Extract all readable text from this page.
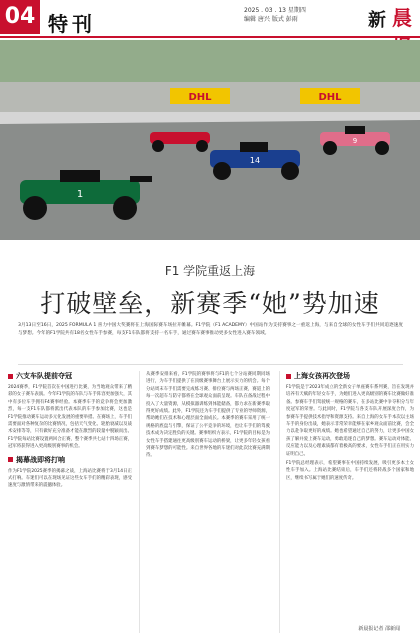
04 特刊
2025 . 03 . 13 星期四
编辑 唐兴 版式 彭雨	新 晨
DHL	DHL
1
14
9
F1 学院重返上海
打破壁垒，新赛季“她”势加速
3月13日至16日，2025 FORMULA 1 喜力中国大奖赛将在上海国际赛车场拉开帷幕。F1学院（F1 ACADEMY）中国站作为支持赛事之一重返上海，与来自全球的女性车手们共同追逐速度与梦想。今年的F1学院共有18名女性车手参赛，每支F1车队都将支持一名车手，通过赛车赛事推动更多女性进入赛车领域。
六支车队提前夺冠
2024赛季，F1学院首次在中国进行比赛，为当地观众带来了精彩的女子赛车表演。今年F1学院的车队与车手阵容更加强大，其中有多位车手拥有F4赛事经验。本赛季车手的竞争将会更加激烈，每一支F1车队都将派出代表本队的车手参加比赛，这也是F1学院推动赛车运动多元化发展的重要举措。在赛场上，车手们需要面对各种复杂的比赛情况，包括天气变化、轮胎衰减以及战术安排等等，只有做好充分准备才能在激烈的较量中脱颖而出。F1学院每站比赛设置两回合正赛，整个赛季共七站十四场正赛，冠军将获得进入更高级别赛事的机会。
揭幕战即将打响
作为F1学院2025赛季的揭幕之战，上海站比赛将于3月14日正式打响。车迷们可以在现场见证这些女车手们的精彩表现，感受速度与激情带来的震撼体验。
从赛季安排来看，F1学院的赛事将与F1的七个分站赛同期同场进行，为车手们提供了在顶级赛事舞台上展示实力的机会。每个分站周末车手们需要完成练习赛、排位赛与两场正赛，赛道上的每一次超车与防守都将在全球观众面前呈现。车队在备战过程中投入了大量资源，从模拟器训练到体能储备，都力求在新赛季取得更好成绩。此外，F1学院还为车手们提供了专业的导师资源，帮助她们在技术和心理层面全面成长。本赛季的赛车采用了统一规格的底盘与引擎，保证了公平竞争的环境，也让车手们的驾驶技术成为决定胜负的关键。赛事组织方表示，F1学院的目标是为女性车手搭建通往更高级别赛车运动的桥梁，让更多年轻女孩看到赛车梦想的可能性。来自世界各地的车迷们对此次比赛充满期待。
上海女孩再次登场
F1学院是于2023年成立的全新女子单座赛车系列赛，旨在发现并培养有天赋的年轻女车手，为她们进入更高级别的赛车比赛做好准备。参赛车手们驾驶统一规格的赛车，在多站比赛中争夺积分与年度冠军的荣誉。与此同时，F1学院与各支车队开展深度合作，为参赛车手提供技术指导和资源支持。来自上海的女车手本次以主场车手的身份出战，她表示非常荣幸能够在家乡观众面前比赛，会全力以赴争取更好的成绩。她也希望通过自己的努力，让更多中国女孩了解并爱上赛车运动，勇敢追逐自己的梦想。赛车运动对体能、反应能力以及心理素质都有着极高的要求，女性车手们正在用实力证明自己。
F1学院总经理表示，希望赛事在中国持续发展，吸引更多本土女性车手加入。上海站比赛结束后，车手们还将转战多个国家和地区，继续书写属于她们的速度传奇。
新晨报记者 邵新闻
